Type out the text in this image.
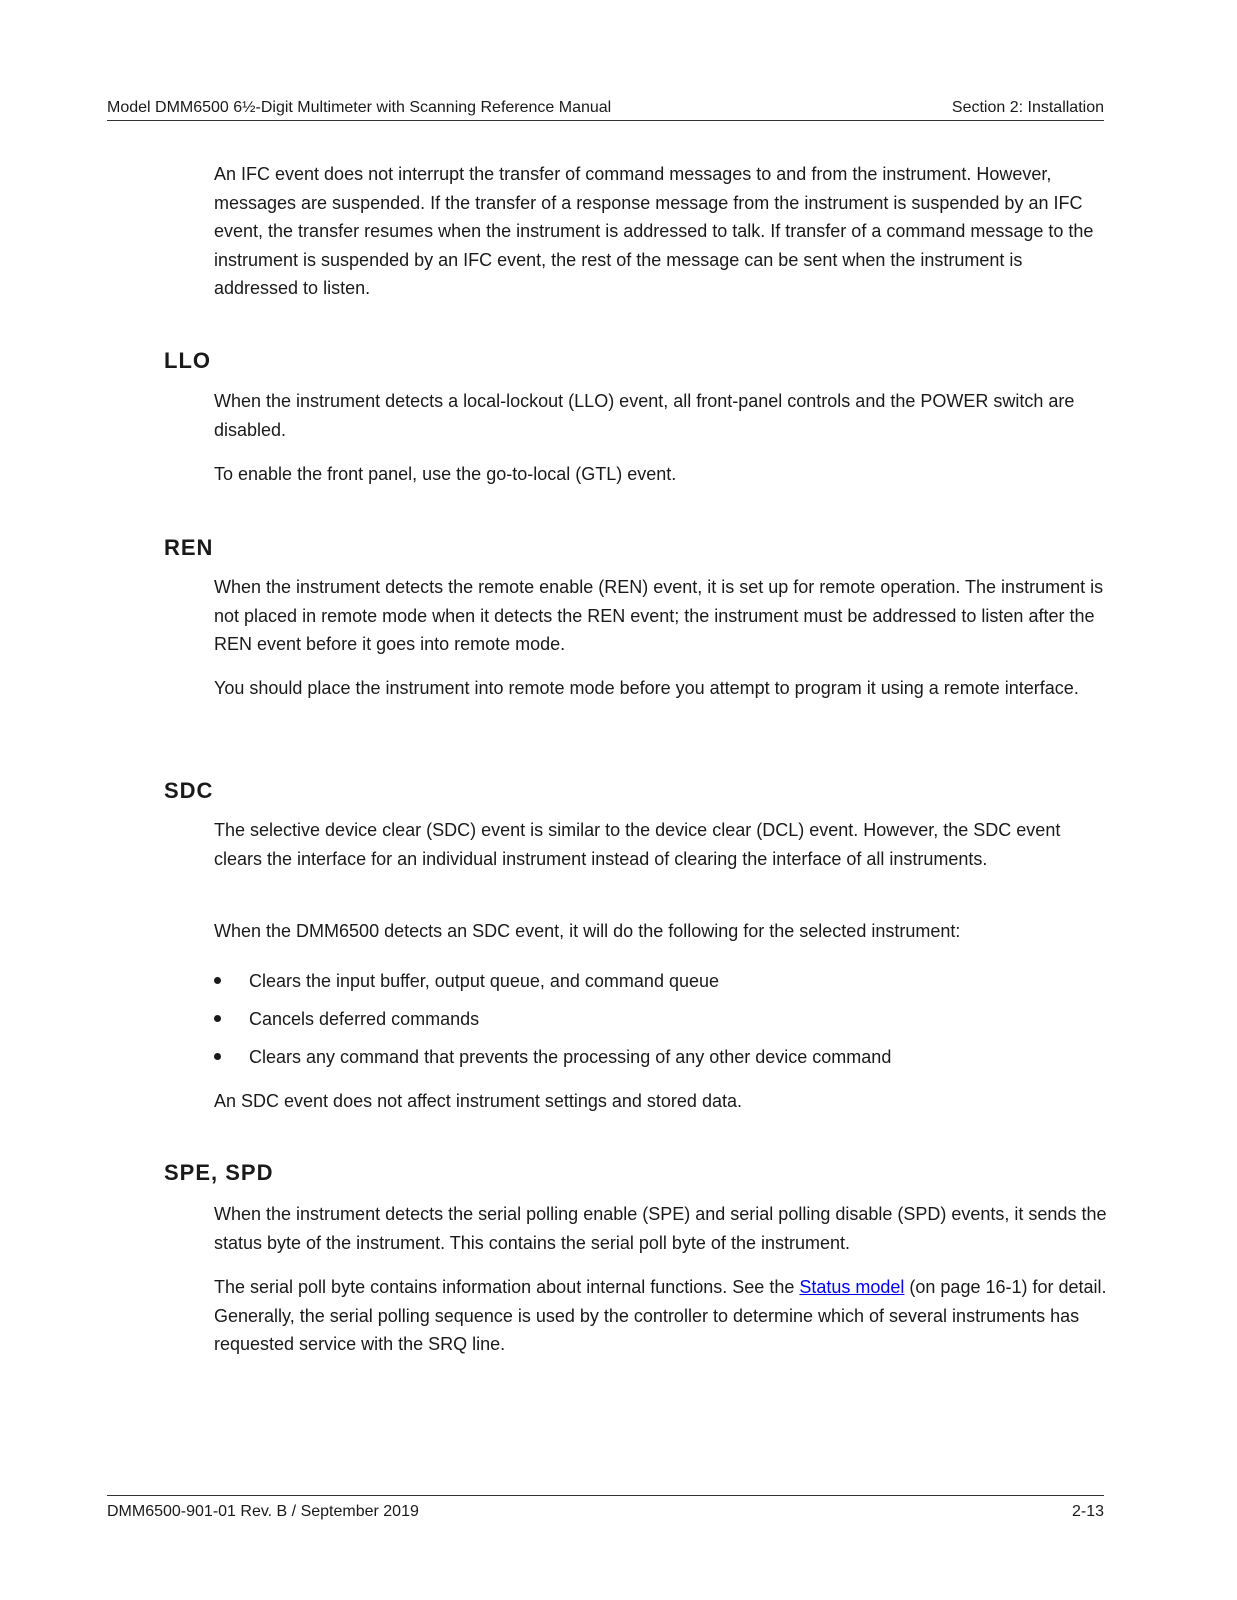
Model DMM6500 6½-Digit Multimeter with Scanning Reference Manual	Section 2: Installation

An IFC event does not interrupt the transfer of command messages to and from the instrument. However, messages are suspended. If the transfer of a response message from the instrument is suspended by an IFC event, the transfer resumes when the instrument is addressed to talk. If transfer of a command message to the instrument is suspended by an IFC event, the rest of the message can be sent when the instrument is addressed to listen.

LLO

When the instrument detects a local-lockout (LLO) event, all front-panel controls and the POWER switch are disabled.

To enable the front panel, use the go-to-local (GTL) event.

REN

When the instrument detects the remote enable (REN) event, it is set up for remote operation. The instrument is not placed in remote mode when it detects the REN event; the instrument must be addressed to listen after the REN event before it goes into remote mode.

You should place the instrument into remote mode before you attempt to program it using a remote interface.

SDC

The selective device clear (SDC) event is similar to the device clear (DCL) event. However, the SDC event clears the interface for an individual instrument instead of clearing the interface of all instruments.

When the DMM6500 detects an SDC event, it will do the following for the selected instrument:

Clears the input buffer, output queue, and command queue
Cancels deferred commands
Clears any command that prevents the processing of any other device command

An SDC event does not affect instrument settings and stored data.

SPE, SPD

When the instrument detects the serial polling enable (SPE) and serial polling disable (SPD) events, it sends the status byte of the instrument. This contains the serial poll byte of the instrument.

The serial poll byte contains information about internal functions. See the Status model (on page 16-1) for detail. Generally, the serial polling sequence is used by the controller to determine which of several instruments has requested service with the SRQ line.

DMM6500-901-01 Rev. B / September 2019	2-13
